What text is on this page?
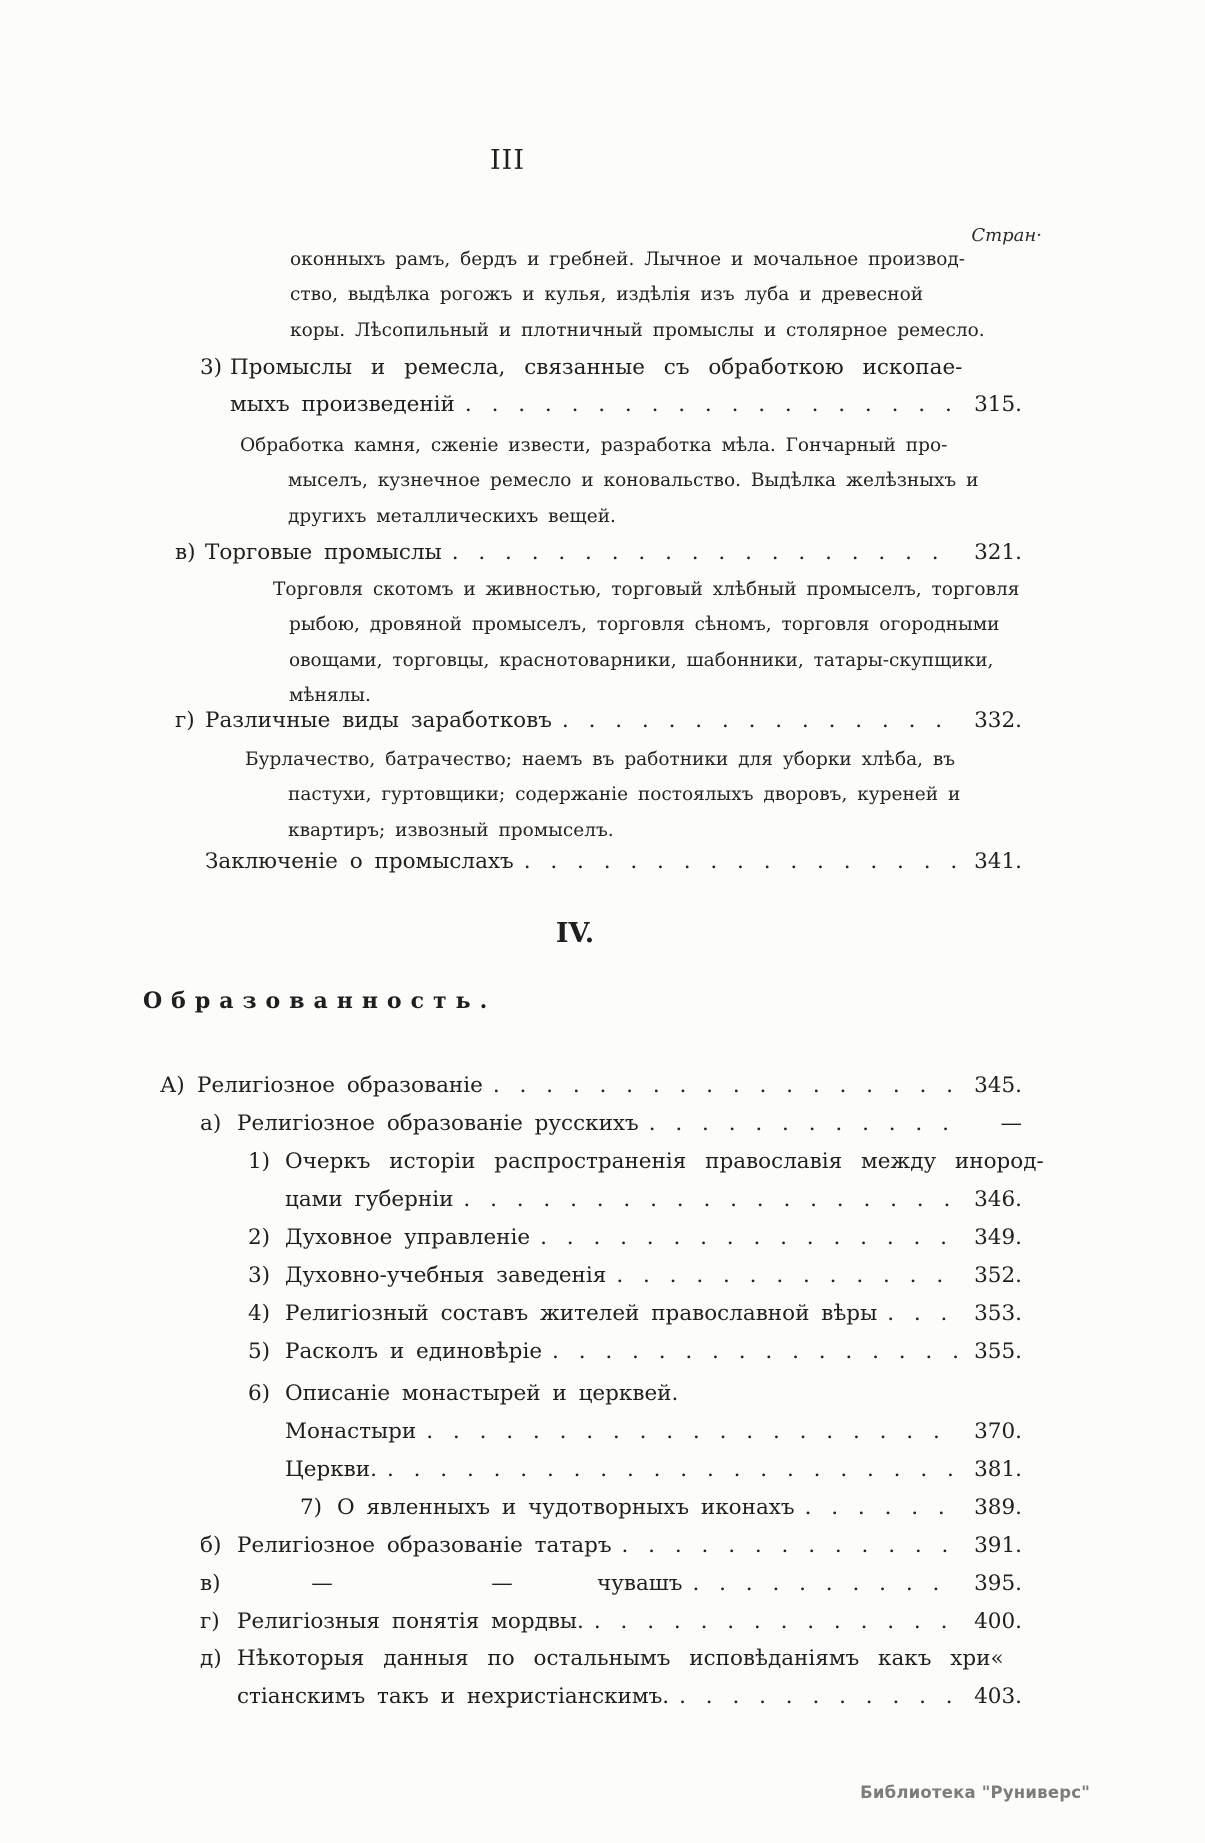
III
Стран·
оконныхъ рамъ, бердъ и гребней. Лычное и мочальное производ-
ство, выдѣлка рогожъ и кулья, издѣлія изъ луба и древесной
коры. Лѣсопильный и плотничный промыслы и столярное ремесло.
3) Промыслы и ремесла, связанные съ обработкою ископае-
мыхъ произведеній . . .	315.
Обработка камня, сженіе извести, разработка мѣла. Гончарный про-
мыселъ, кузнечное ремесло и коновальство. Выдѣлка желѣзныхъ и
другихъ металлическихъ вещей.
в) Торговые промыслы . . .	321.
Торговля скотомъ и живностью, торговый хлѣбный промыселъ, торговля
рыбою, дровяной промыселъ, торговля сѣномъ, торговля огородными
овощами, торговцы, краснотоварники, шабонники, татары-скупщики,
мѣнялы.
г) Различные виды заработковъ . . .	332.
Бурлачество, батрачество; наемъ въ работники для уборки хлѣба, въ
пастухи, гуртовщики; содержаніе постоялыхъ дворовъ, куреней и
квартиръ; извозный промыселъ.
Заключеніе о промыслахъ . . .	341.
IV.
Образованность.
А) Религіозное образованіе . . .	345.
а) Религіозное образованіе русскихъ . . .	—
1) Очеркъ исторіи распространенія православія между инород-
цами губерніи . . .	346.
2) Духовное управленіе . . .	349.
3) Духовно-учебныя заведенія . . .	352.
4) Религіозный составъ жителей православной вѣры . . .	353.
5) Расколъ и единовѣріе . . .	355.
6) Описаніе монастырей и церквей.
Монастыри . . .	370.
Церкви. . . .	381.
7) О явленныхъ и чудотворныхъ иконахъ . . .	389.
б) Религіозное образованіе татаръ . . .	391.
в)	—	—	чувашъ . . .	395.
г) Религіозныя понятія мордвы. . . .	400.
д) Нѣкоторыя данныя по остальнымъ исповѣданіямъ какъ хри«
стіанскимъ такъ и нехристіанскимъ. . . .	403.
Библиотека "Руниверс"
